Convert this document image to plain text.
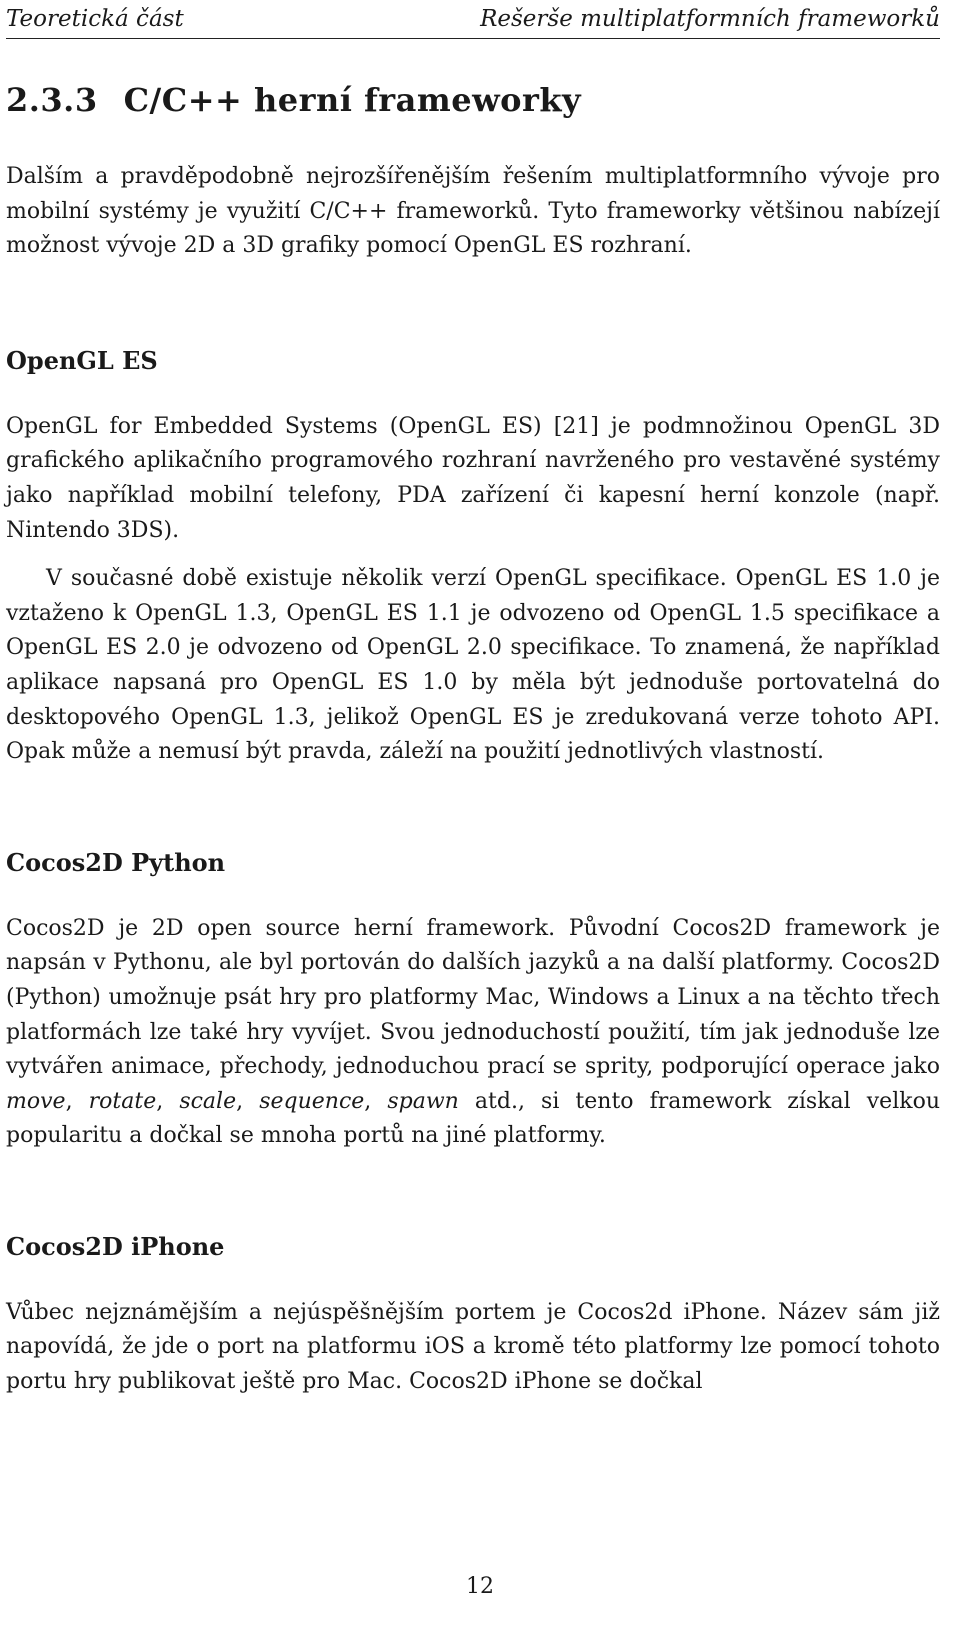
Teoretická část	Rešerše multiplatformních frameworků
2.3.3 C/C++ herní frameworky

Dalším a pravděpodobně nejrozšířenějším řešením multiplatformního vývoje pro mobilní systémy je využití C/C++ frameworků. Tyto frameworky většinou nabízejí možnost vývoje 2D a 3D grafiky pomocí OpenGL ES rozhraní.

OpenGL ES

OpenGL for Embedded Systems (OpenGL ES) [21] je podmnožinou OpenGL 3D grafického aplikačního programového rozhraní navrženého pro vestavěné systémy jako například mobilní telefony, PDA zařízení či kapesní herní konzole (např. Nintendo 3DS).

V současné době existuje několik verzí OpenGL specifikace. OpenGL ES 1.0 je vztaženo k OpenGL 1.3, OpenGL ES 1.1 je odvozeno od OpenGL 1.5 specifikace a OpenGL ES 2.0 je odvozeno od OpenGL 2.0 specifikace. To znamená, že například aplikace napsaná pro OpenGL ES 1.0 by měla být jednoduše portovatelná do desktopového OpenGL 1.3, jelikož OpenGL ES je zredukovaná verze tohoto API. Opak může a nemusí být pravda, záleží na použití jednotlivých vlastností.

Cocos2D Python

Cocos2D je 2D open source herní framework. Původní Cocos2D framework je napsán v Pythonu, ale byl portován do dalších jazyků a na další platformy. Cocos2D (Python) umožnuje psát hry pro platformy Mac, Windows a Linux a na těchto třech platformách lze také hry vyvíjet. Svou jednoduchostí použití, tím jak jednoduše lze vytvářen animace, přechody, jednoduchou prací se sprity, podporující operace jako move, rotate, scale, sequence, spawn atd., si tento framework získal velkou popularitu a dočkal se mnoha portů na jiné platformy.

Cocos2D iPhone

Vůbec nejznámějším a nejúspěšnějším portem je Cocos2d iPhone. Název sám již napovídá, že jde o port na platformu iOS a kromě této platformy lze pomocí tohoto portu hry publikovat ještě pro Mac. Cocos2D iPhone se dočkal

12
